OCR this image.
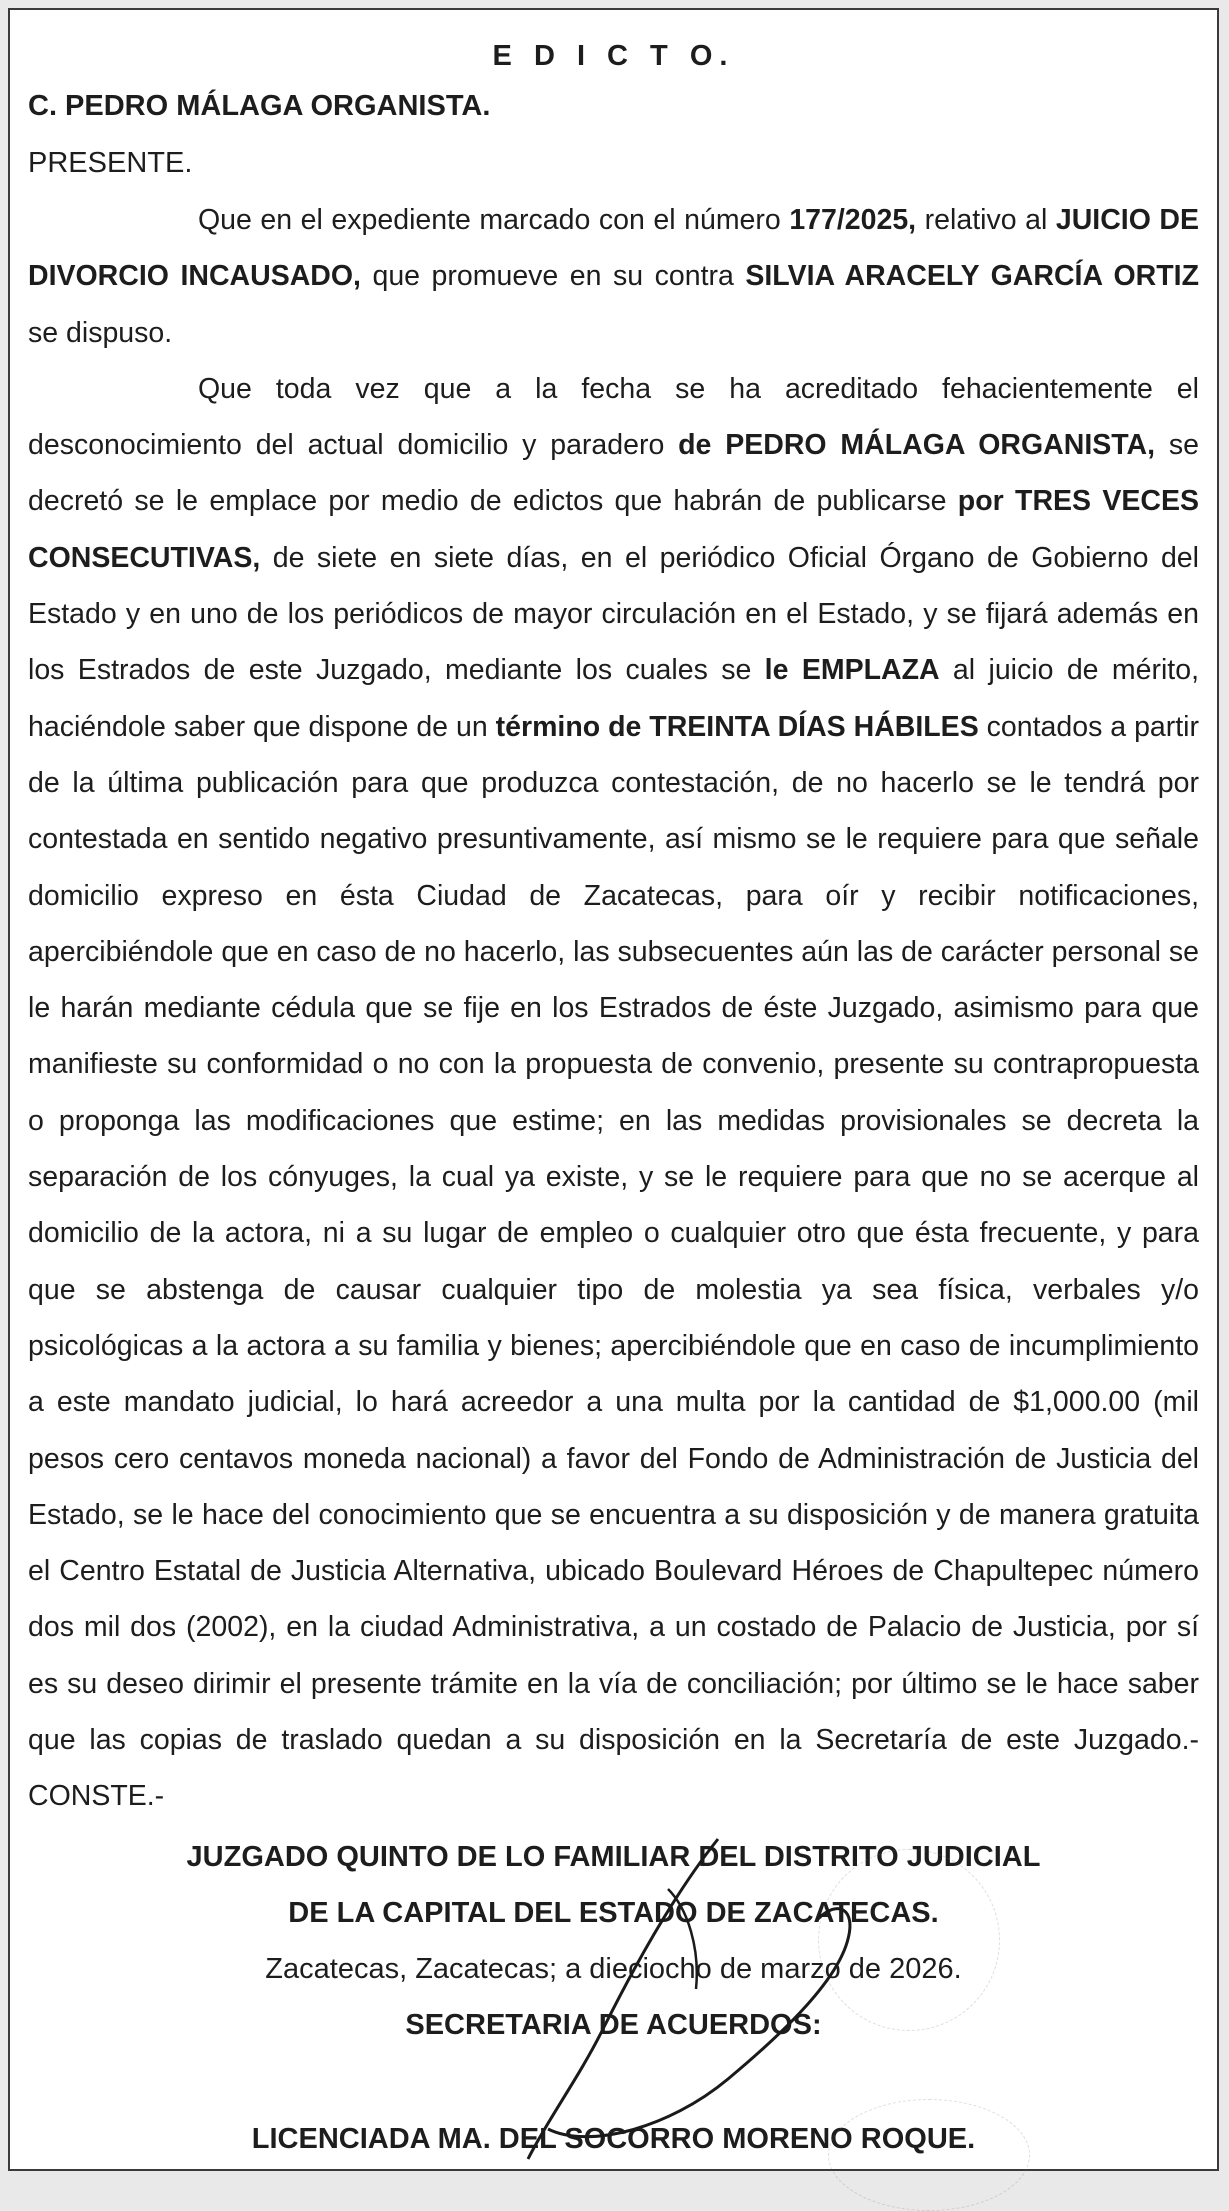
E D I C T O.

C. PEDRO MÁLAGA ORGANISTA.

PRESENTE.

Que en el expediente marcado con el número 177/2025, relativo al JUICIO DE DIVORCIO INCAUSADO, que promueve en su contra SILVIA ARACELY GARCÍA ORTIZ se dispuso.

Que toda vez que a la fecha se ha acreditado fehacientemente el desconocimiento del actual domicilio y paradero de PEDRO MÁLAGA ORGANISTA, se decretó se le emplace por medio de edictos que habrán de publicarse por TRES VECES CONSECUTIVAS, de siete en siete días, en el periódico Oficial Órgano de Gobierno del Estado y en uno de los periódicos de mayor circulación en el Estado, y se fijará además en los Estrados de este Juzgado, mediante los cuales se le EMPLAZA al juicio de mérito, haciéndole saber que dispone de un término de TREINTA DÍAS HÁBILES contados a partir de la última publicación para que produzca contestación, de no hacerlo se le tendrá por contestada en sentido negativo presuntivamente, así mismo se le requiere para que señale domicilio expreso en ésta Ciudad de Zacatecas, para oír y recibir notificaciones, apercibiéndole que en caso de no hacerlo, las subsecuentes aún las de carácter personal se le harán mediante cédula que se fije en los Estrados de éste Juzgado, asimismo para que manifieste su conformidad o no con la propuesta de convenio, presente su contrapropuesta o proponga las modificaciones que estime; en las medidas provisionales se decreta la separación de los cónyuges, la cual ya existe, y se le requiere para que no se acerque al domicilio de la actora, ni a su lugar de empleo o cualquier otro que ésta frecuente, y para que se abstenga de causar cualquier tipo de molestia ya sea física, verbales y/o psicológicas a la actora a su familia y bienes; apercibiéndole que en caso de incumplimiento a este mandato judicial, lo hará acreedor a una multa por la cantidad de $1,000.00 (mil pesos cero centavos moneda nacional) a favor del Fondo de Administración de Justicia del Estado, se le hace del conocimiento que se encuentra a su disposición y de manera gratuita el Centro Estatal de Justicia Alternativa, ubicado Boulevard Héroes de Chapultepec número dos mil dos (2002), en la ciudad Administrativa, a un costado de Palacio de Justicia, por sí es su deseo dirimir el presente trámite en la vía de conciliación; por último se le hace saber que las copias de traslado quedan a su disposición en la Secretaría de este Juzgado.- CONSTE.-

JUZGADO QUINTO DE LO FAMILIAR DEL DISTRITO JUDICIAL

DE LA CAPITAL DEL ESTADO DE ZACATECAS.

Zacatecas, Zacatecas; a dieciocho de marzo de 2026.

SECRETARIA DE ACUERDOS:

LICENCIADA MA. DEL SOCORRO MORENO ROQUE.
